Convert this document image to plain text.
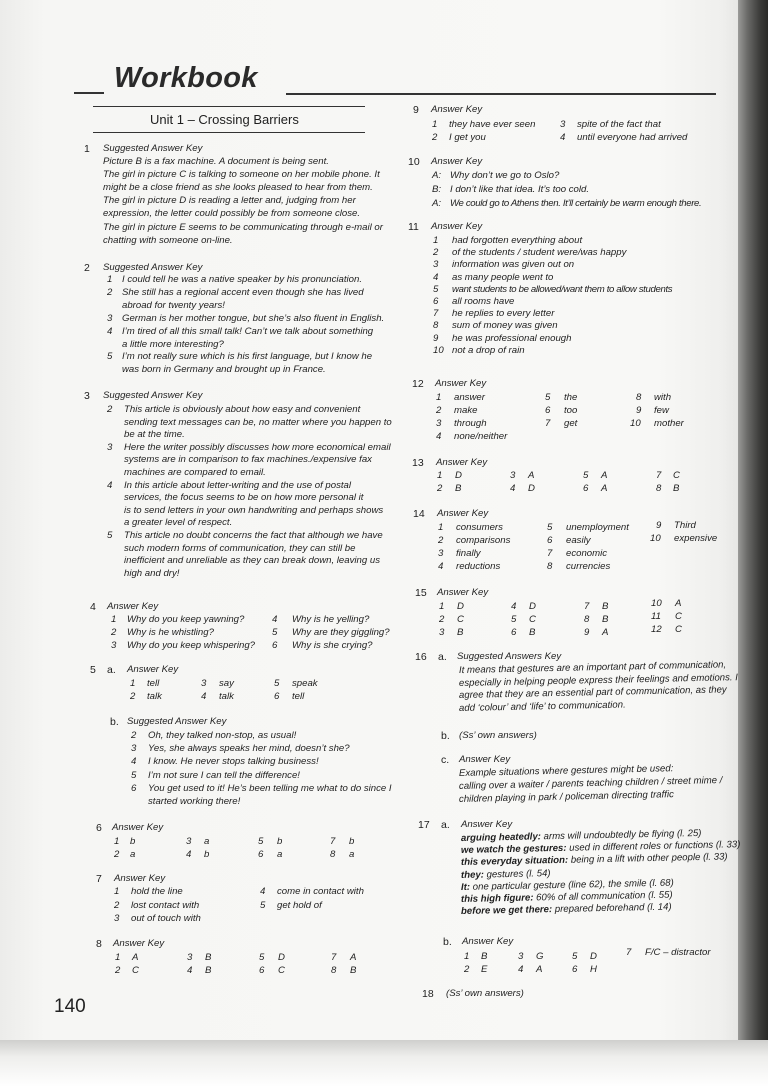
Workbook
Unit 1 – Crossing Barriers
140
1 Suggested Answer Key
Picture B is a fax machine. A document is being sent.
The girl in picture C is talking to someone on her mobile phone. It
might be a close friend as she looks pleased to hear from them.
The girl in picture D is reading a letter and, judging from her
expression, the letter could possibly be from someone close.
The girl in picture E seems to be communicating through e-mail or
chatting with someone on-line.
2 Suggested Answer Key
1 I could tell he was a native speaker by his pronunciation.
2 She still has a regional accent even though she has lived
abroad for twenty years!
3 German is her mother tongue, but she’s also fluent in English.
4 I’m tired of all this small talk! Can’t we talk about something
a little more interesting?
5 I’m not really sure which is his first language, but I know he
was born in Germany and brought up in France.
3 Suggested Answer Key
2 This article is obviously about how easy and convenient
sending text messages can be, no matter where you happen to
be at the time.
3 Here the writer possibly discusses how more economical email
systems are in comparison to fax machines./expensive fax
machines are compared to email.
4 In this article about letter-writing and the use of postal
services, the focus seems to be on how more personal it
is to send letters in your own handwriting and perhaps shows
a greater level of respect.
5 This article no doubt concerns the fact that although we have
such modern forms of communication, they can still be
inefficient and unreliable as they can break down, leaving us
high and dry!
4 Answer Key
1 Why do you keep yawning?	4 Why is he yelling?
2 Why is he whistling?	5 Why are they giggling?
3 Why do you keep whispering? 6 Why is she crying?
5 a. Answer Key
1 tell
2 talk
3 say
4 talk
5 speak
6 tell
b. Suggested Answer Key
2 Oh, they talked non-stop, as usual!
3 Yes, she always speaks her mind, doesn’t she?
4 I know. He never stops talking business!
5 I’m not sure I can tell the difference!
6 You get used to it! He’s been telling me what to do since I
started working there!
6 Answer Key
1 b
2 a
3 a
4 b
5 b
6 a
7 b
8 a
7 Answer Key
1 hold the line
2 lost contact with
3 out of touch with
4 come in contact with
5 get hold of
8 Answer Key
1 A
2 C
3 B
4 B
5 D
6 C
7 A
8 B
9 Answer Key
1 they have ever seen
2 I get you
3 spite of the fact that
4 until everyone had arrived
10 Answer Key
A: Why don’t we go to Oslo?
B: I don’t like that idea. It’s too cold.
A: We could go to Athens then. It’ll certainly be warm enough there.
11 Answer Key
1 had forgotten everything about
2 of the students / student were/was happy
3 information was given out on
4 as many people went to
5 want students to be allowed/want them to allow students
6 all rooms have
7 he replies to every letter
8 sum of money was given
9 he was professional enough
10 not a drop of rain
12 Answer Key
1 answer
2 make
3 through
4 none/neither
5 the
6 too
7 get
8 with
9 few
10 mother
13 Answer Key
1 D
2 B
3 A
4 D
5 A
6 A
7 C
8 B
14 Answer Key
1 consumers
2 comparisons
3 finally
4 reductions
5 unemployment
6 easily
7 economic
8 currencies
9 Third
10 expensive
15 Answer Key
1 D
2 C
3 B
4 D
5 C
6 B
7 B
8 B
9 A
10 A
11 C
12 C
16 a. Suggested Answers Key
It means that gestures are an important part of communication,
especially in helping people express their feelings and emotions. I
agree that they are an essential part of communication, as they
add ‘colour’ and ‘life’ to communication.
b. (Ss’ own answers)
c. Answer Key
Example situations where gestures might be used:
calling over a waiter / parents teaching children / street mime /
children playing in park / policeman directing traffic
17 a. Answer Key
arguing heatedly: arms will undoubtedly be flying (l. 25)
we watch the gestures: used in different roles or functions (l. 33)
this everyday situation: being in a lift with other people (l. 33)
they: gestures (l. 54)
It: one particular gesture (line 62), the smile (l. 68)
this high figure: 60% of all communication (l. 55)
before we get there: prepared beforehand (l. 14)
b. Answer Key
1 B
2 E
3 G
4 A
5 D
6 H
7 F/C – distractor
18 (Ss’ own answers)
